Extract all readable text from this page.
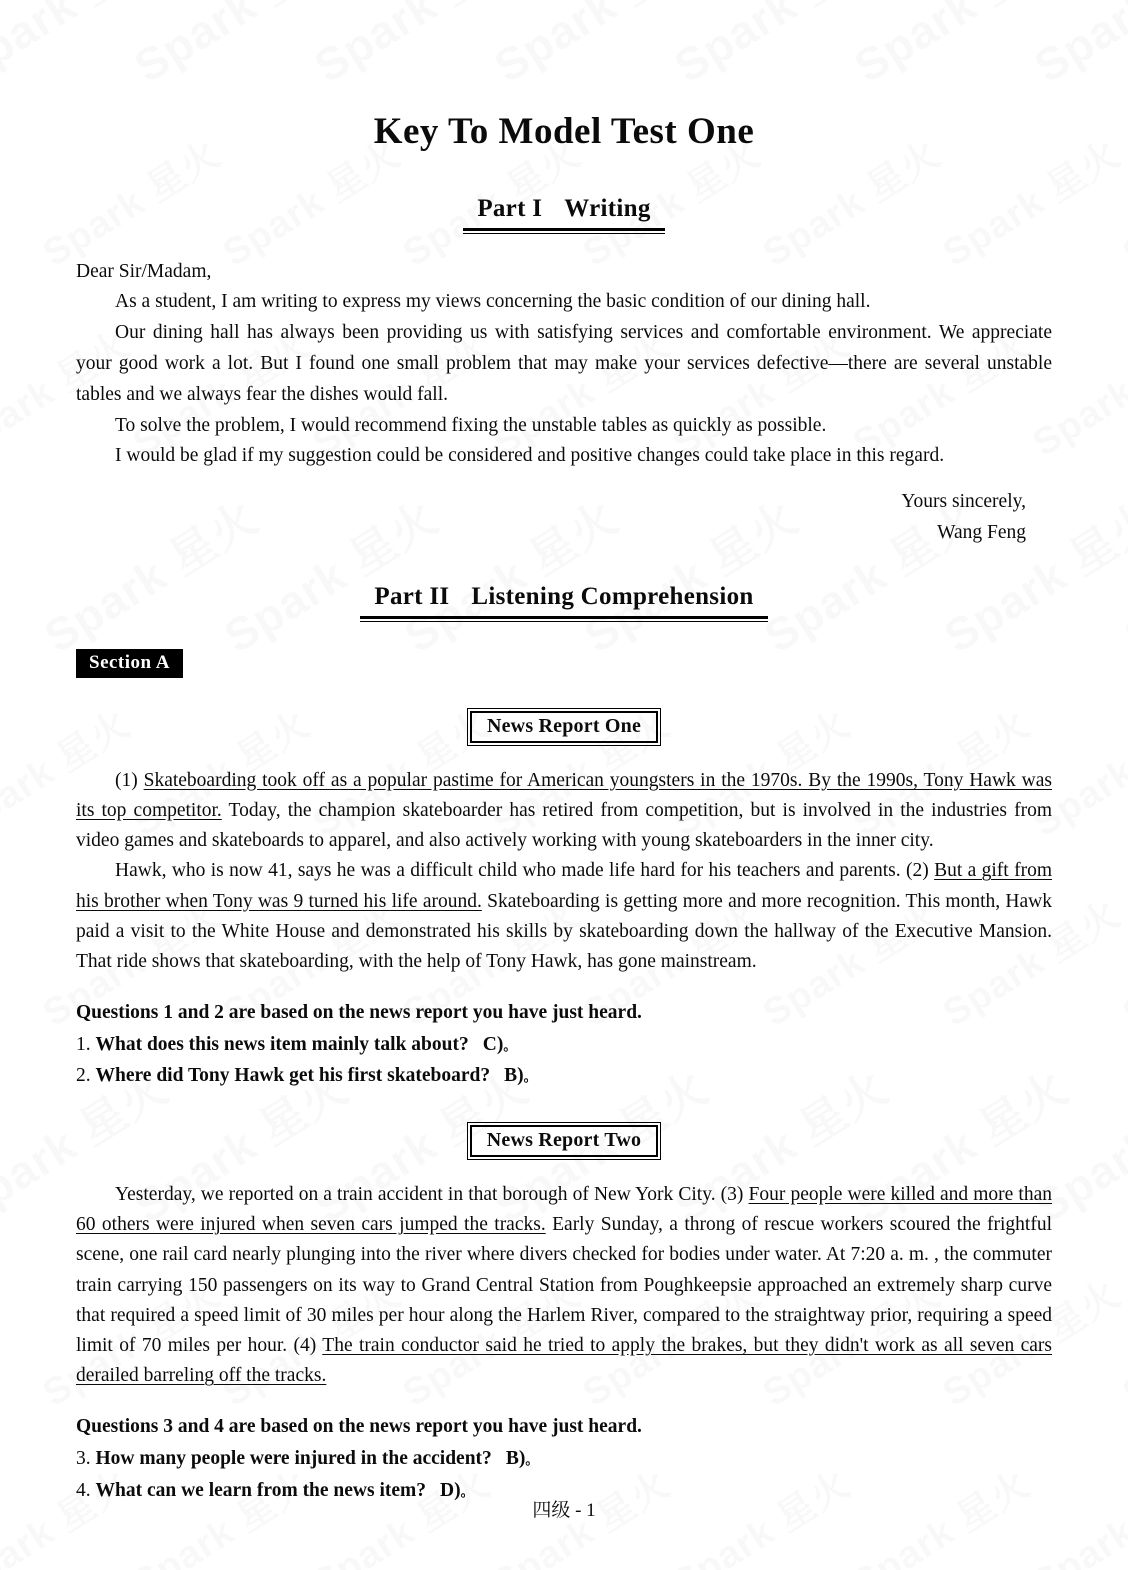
Key To Model Test One
Part I Writing

Dear Sir/Madam,

As a student, I am writing to express my views concerning the basic condition of our dining hall.

Our dining hall has always been providing us with satisfying services and comfortable environment. We appreciate your good work a lot. But I found one small problem that may make your services defective—there are several unstable tables and we always fear the dishes would fall.

To solve the problem, I would recommend fixing the unstable tables as quickly as possible.

I would be glad if my suggestion could be considered and positive changes could take place in this regard.

Yours sincerely,
Wang Feng
Part II Listening Comprehension
Section A
News Report One

(1) Skateboarding took off as a popular pastime for American youngsters in the 1970s. By the 1990s, Tony Hawk was its top competitor. Today, the champion skateboarder has retired from competition, but is involved in the industries from video games and skateboards to apparel, and also actively working with young skateboarders in the inner city.

Hawk, who is now 41, says he was a difficult child who made life hard for his teachers and parents. (2) But a gift from his brother when Tony was 9 turned his life around. Skateboarding is getting more and more recognition. This month, Hawk paid a visit to the White House and demonstrated his skills by skateboarding down the hallway of the Executive Mansion. That ride shows that skateboarding, with the help of Tony Hawk, has gone mainstream.

Questions 1 and 2 are based on the news report you have just heard.

1. What does this news item mainly talk about? C)。

2. Where did Tony Hawk get his first skateboard? B)。

News Report Two

Yesterday, we reported on a train accident in that borough of New York City. (3) Four people were killed and more than 60 others were injured when seven cars jumped the tracks. Early Sunday, a throng of rescue workers scoured the frightful scene, one rail card nearly plunging into the river where divers checked for bodies under water. At 7:20 a. m. , the commuter train carrying 150 passengers on its way to Grand Central Station from Poughkeepsie approached an extremely sharp curve that required a speed limit of 30 miles per hour along the Harlem River, compared to the straightway prior, requiring a speed limit of 70 miles per hour. (4) The train conductor said he tried to apply the brakes, but they didn't work as all seven cars derailed barreling off the tracks.

Questions 3 and 4 are based on the news report you have just heard.

3. How many people were injured in the accident? B)。

4. What can we learn from the news item? D)。

四级 - 1
